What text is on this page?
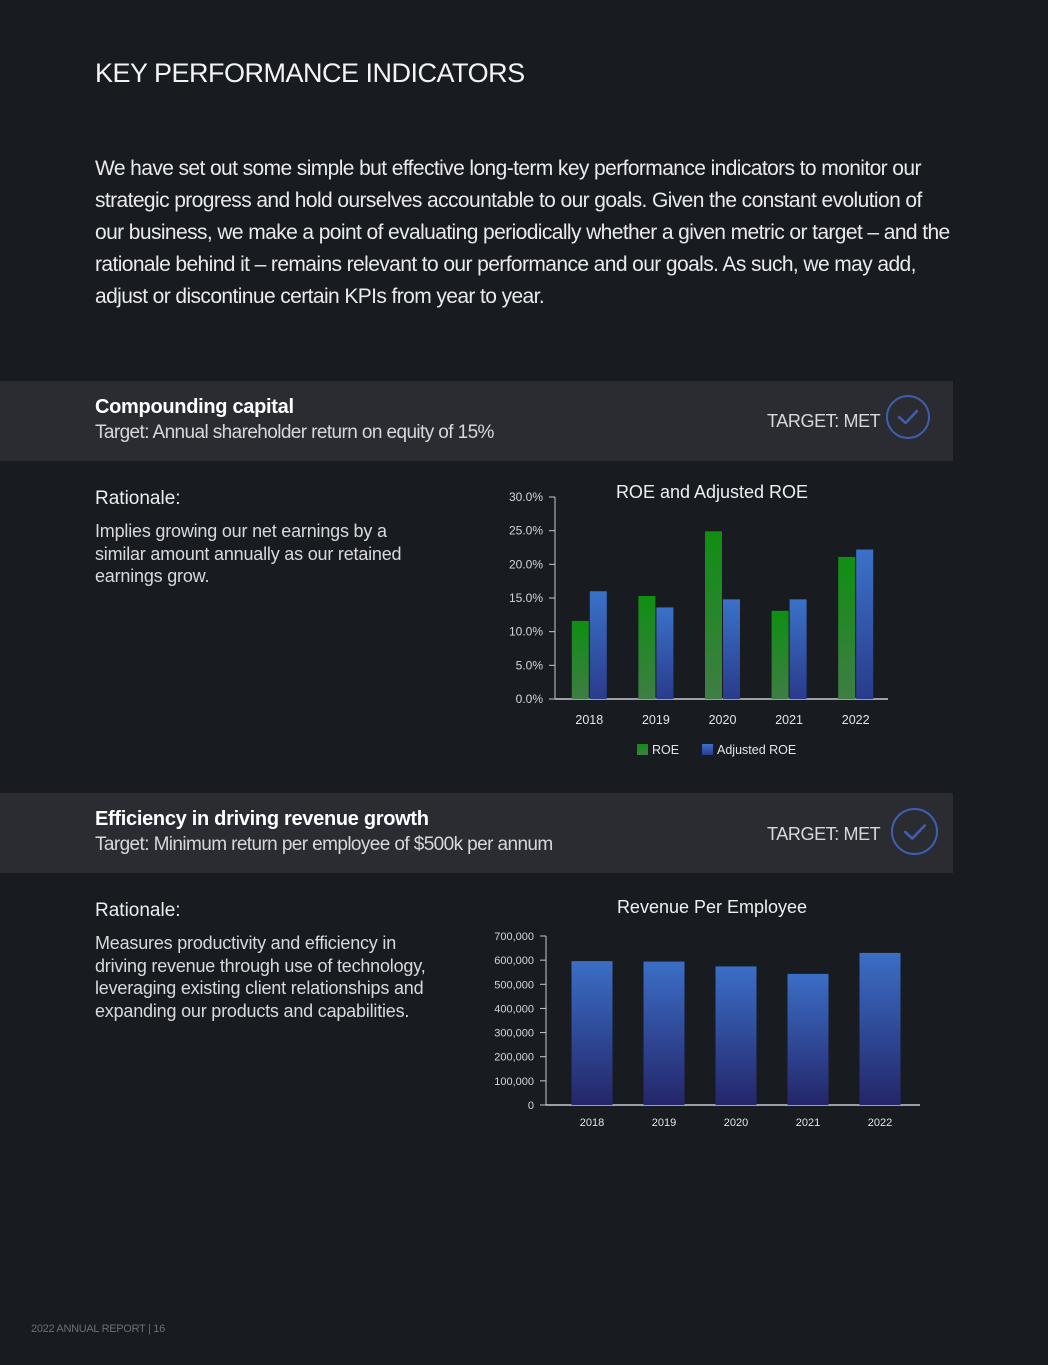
KEY PERFORMANCE INDICATORS

We have set out some simple but effective long-term key performance indicators to monitor our strategic progress and hold ourselves accountable to our goals. Given the constant evolution of our business, we make a point of evaluating periodically whether a given metric or target – and the rationale behind it – remains relevant to our performance and our goals. As such, we may add, adjust or discontinue certain KPIs from year to year.

Compounding capital
Target: Annual shareholder return on equity of 15%
TARGET: MET
Rationale:
Implies growing our net earnings by a similar amount annually as our retained earnings grow.
ROE and Adjusted ROE
0.0%
5.0%
10.0%
15.0%
20.0%
25.0%
30.0%
2018	2019	2020	2021	2022
ROE	Adjusted ROE
Efficiency in driving revenue growth
Target: Minimum return per employee of $500k per annum	TARGET: MET
Rationale:
Measures productivity and efficiency in driving revenue through use of technology, leveraging existing client relationships and expanding our products and capabilities.
Revenue Per Employee
0
100,000
200,000
300,000
400,000
500,000
600,000
700,000
2018	2019	2020	2021	2022
2022 ANNUAL REPORT | 16
